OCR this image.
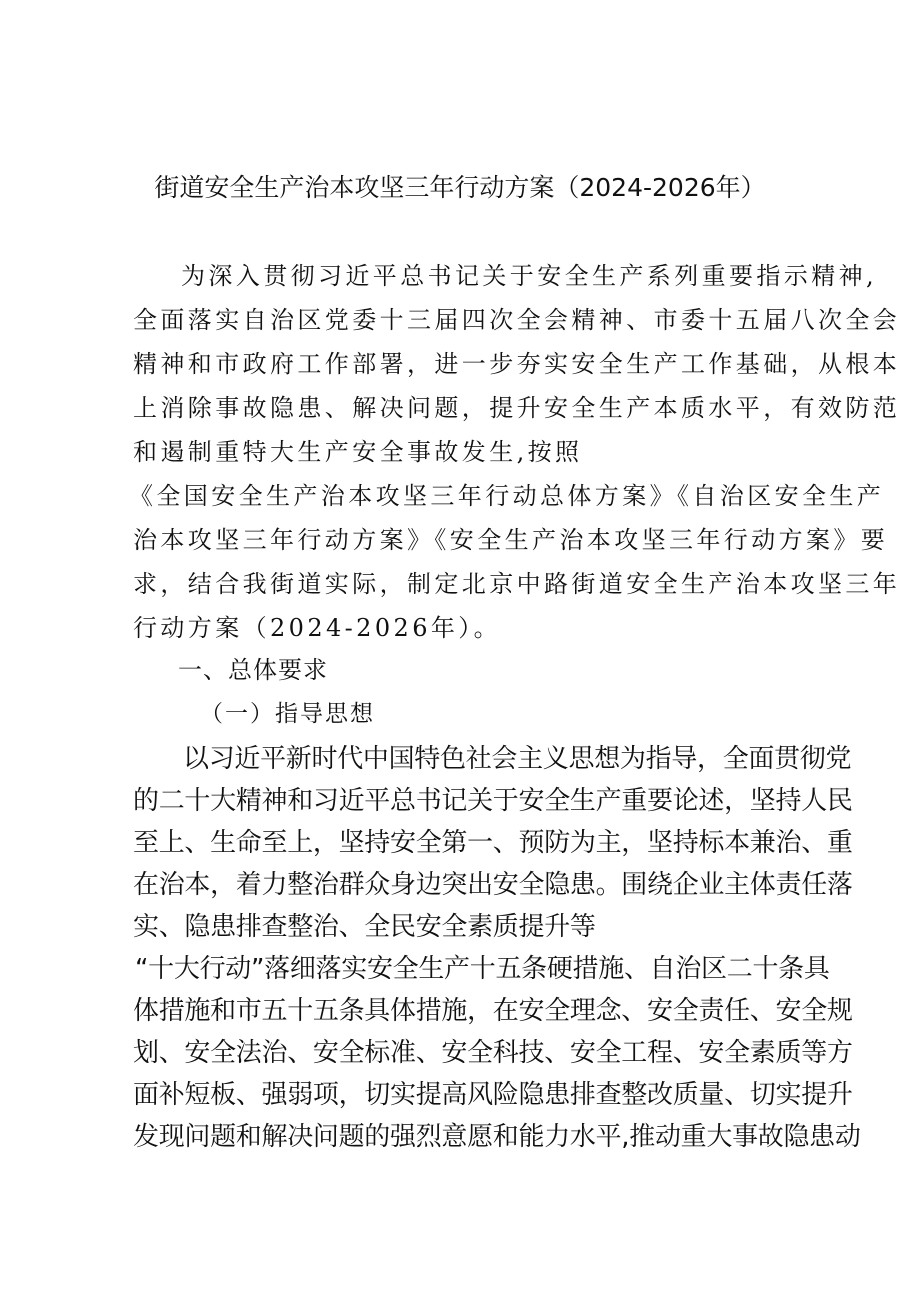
街道安全生产治本攻坚三年行动方案（2024-2026年）
为深入贯彻习近平总书记关于安全生产系列重要指示精神,
全面落实自治区党委十三届四次全会精神、市委十五届八次全会
精神和市政府工作部署，进一步夯实安全生产工作基础，从根本
上消除事故隐患、解决问题，提升安全生产本质水平，有效防范
和遏制重特大生产安全事故发生,按照
《全国安全生产治本攻坚三年行动总体方案》《自治区安全生产
治本攻坚三年行动方案》《安全生产治本攻坚三年行动方案》要
求，结合我街道实际，制定北京中路街道安全生产治本攻坚三年
行动方案（2024-2026年）。
一、总体要求
（一）指导思想
以习近平新时代中国特色社会主义思想为指导，全面贯彻党
的二十大精神和习近平总书记关于安全生产重要论述，坚持人民
至上、生命至上，坚持安全第一、预防为主，坚持标本兼治、重
在治本，着力整治群众身边突出安全隐患。围绕企业主体责任落
实、隐患排查整治、全民安全素质提升等
“十大行动”落细落实安全生产十五条硬措施、自治区二十条具
体措施和市五十五条具体措施，在安全理念、安全责任、安全规
划、安全法治、安全标准、安全科技、安全工程、安全素质等方
面补短板、强弱项，切实提高风险隐患排查整改质量、切实提升
发现问题和解决问题的强烈意愿和能力水平,推动重大事故隐患动
